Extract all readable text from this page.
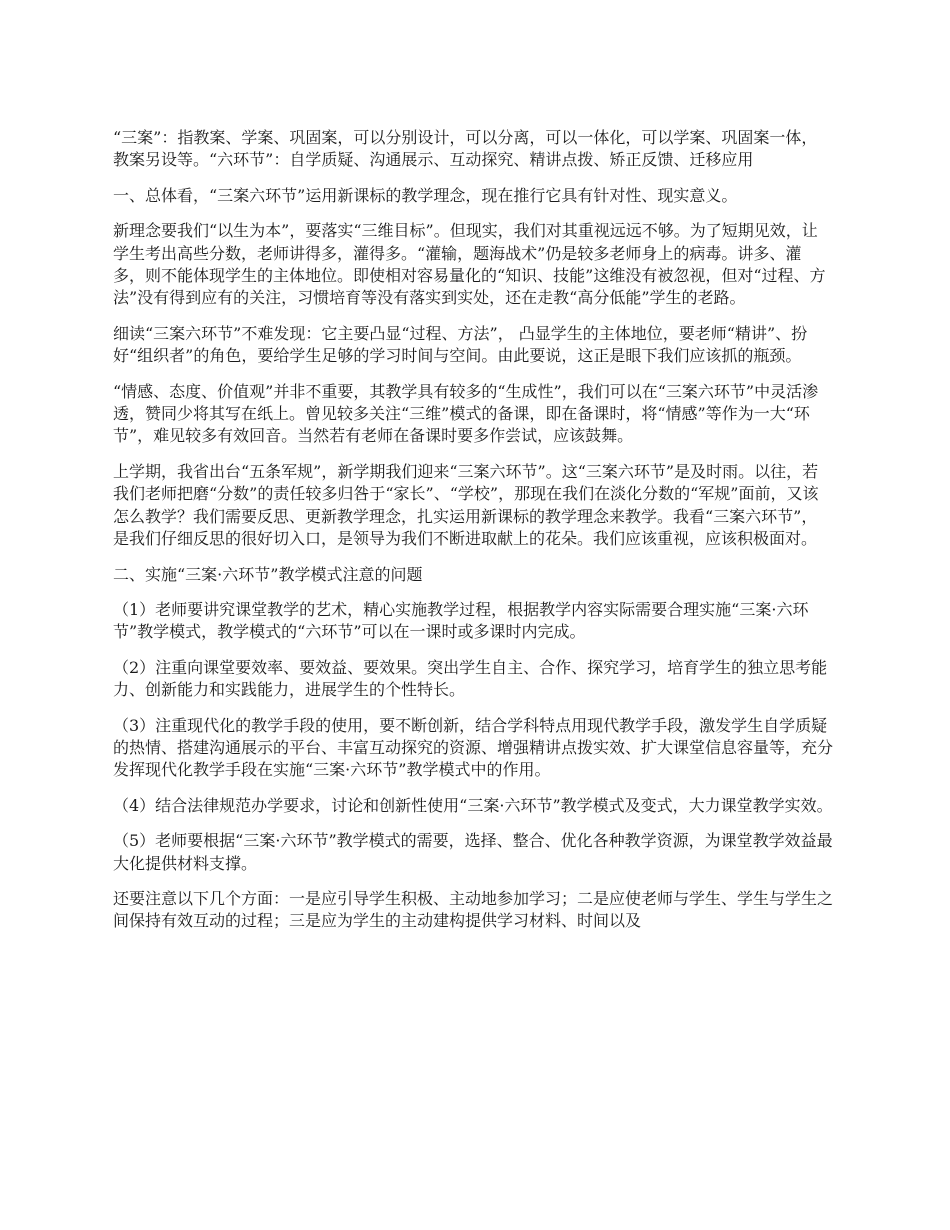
“三案”：指教案、学案、巩固案，可以分别设计，可以分离，可以一体化，可以学案、巩固案一体，教案另设等。“六环节”：自学质疑、沟通展示、互动探究、精讲点拨、矫正反馈、迁移应用

一、总体看，“三案六环节”运用新课标的教学理念，现在推行它具有针对性、现实意义。

新理念要我们“以生为本”，要落实“三维目标”。但现实，我们对其重视远远不够。为了短期见效，让学生考出高些分数，老师讲得多，灌得多。“灌输，题海战术”仍是较多老师身上的病毒。讲多、灌多，则不能体现学生的主体地位。即使相对容易量化的“知识、技能”这维没有被忽视，但对“过程、方法”没有得到应有的关注，习惯培育等没有落实到实处，还在走教“高分低能”学生的老路。

细读“三案六环节”不难发现：它主要凸显“过程、方法”， 凸显学生的主体地位，要老师“精讲”、扮好“组织者”的角色，要给学生足够的学习时间与空间。由此要说，这正是眼下我们应该抓的瓶颈。

“情感、态度、价值观”并非不重要，其教学具有较多的“生成性”，我们可以在“三案六环节”中灵活渗透，赞同少将其写在纸上。曾见较多关注“三维”模式的备课，即在备课时，将“情感”等作为一大“环节”，难见较多有效回音。当然若有老师在备课时要多作尝试，应该鼓舞。

上学期，我省出台“五条军规”，新学期我们迎来“三案六环节”。这“三案六环节”是及时雨。以往，若我们老师把磨“分数”的责任较多归咎于“家长”、“学校”，那现在我们在淡化分数的“军规”面前，又该怎么教学？我们需要反思、更新教学理念，扎实运用新课标的教学理念来教学。我看“三案六环节”，是我们仔细反思的很好切入口，是领导为我们不断进取献上的花朵。我们应该重视，应该积极面对。

二、实施“三案·六环节”教学模式注意的问题

（1）老师要讲究课堂教学的艺术，精心实施教学过程，根据教学内容实际需要合理实施“三案·六环节”教学模式，教学模式的“六环节”可以在一课时或多课时内完成。

（2）注重向课堂要效率、要效益、要效果。突出学生自主、合作、探究学习，培育学生的独立思考能力、创新能力和实践能力，进展学生的个性特长。

（3）注重现代化的教学手段的使用，要不断创新，结合学科特点用现代教学手段，激发学生自学质疑的热情、搭建沟通展示的平台、丰富互动探究的资源、增强精讲点拨实效、扩大课堂信息容量等，充分发挥现代化教学手段在实施“三案·六环节”教学模式中的作用。

（4）结合法律规范办学要求，讨论和创新性使用“三案·六环节”教学模式及变式，大力课堂教学实效。

（5）老师要根据“三案·六环节”教学模式的需要，选择、整合、优化各种教学资源，为课堂教学效益最大化提供材料支撑。

还要注意以下几个方面：一是应引导学生积极、主动地参加学习；二是应使老师与学生、学生与学生之间保持有效互动的过程；三是应为学生的主动建构提供学习材料、时间以及
